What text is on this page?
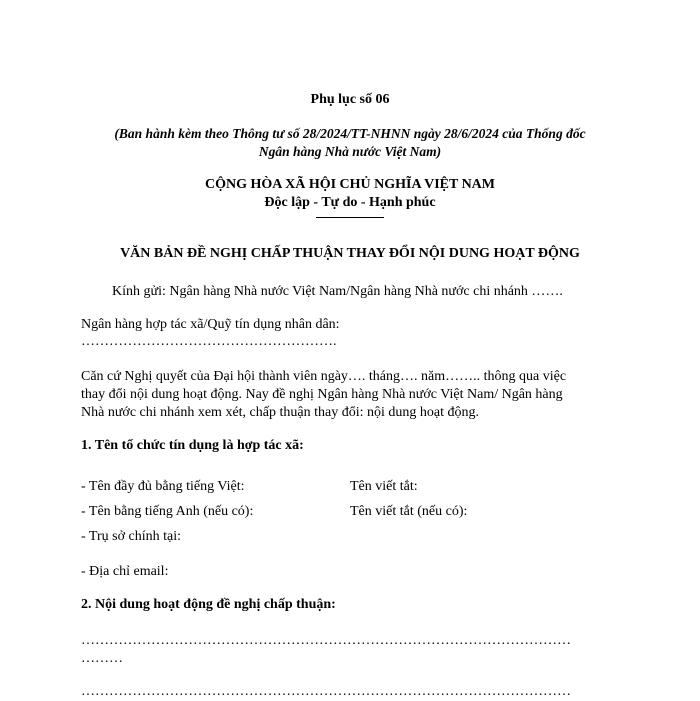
Phụ lục số 06
(Ban hành kèm theo Thông tư số 28/2024/TT-NHNN ngày 28/6/2024 của Thống đốc
Ngân hàng Nhà nước Việt Nam)
CỘNG HÒA XÃ HỘI CHỦ NGHĨA VIỆT NAM
Độc lập - Tự do - Hạnh phúc
VĂN BẢN ĐỀ NGHỊ CHẤP THUẬN THAY ĐỔI NỘI DUNG HOẠT ĐỘNG
Kính gửi: Ngân hàng Nhà nước Việt Nam/Ngân hàng Nhà nước chi nhánh …….
Ngân hàng hợp tác xã/Quỹ tín dụng nhân dân:
……………………………………………….
Căn cứ Nghị quyết của Đại hội thành viên ngày…. tháng…. năm…….. thông qua việc
thay đổi nội dung hoạt động. Nay đề nghị Ngân hàng Nhà nước Việt Nam/ Ngân hàng
Nhà nước chi nhánh xem xét, chấp thuận thay đổi: nội dung hoạt động.
1. Tên tổ chức tín dụng là hợp tác xã:
- Tên đầy đủ bằng tiếng Việt:	Tên viết tắt:
- Tên bằng tiếng Anh (nếu có):	Tên viết tắt (nếu có):
- Trụ sở chính tại:
- Địa chỉ email:
2. Nội dung hoạt động đề nghị chấp thuận:
……………………………………………………………………………………………
………
……………………………………………………………………………………………
